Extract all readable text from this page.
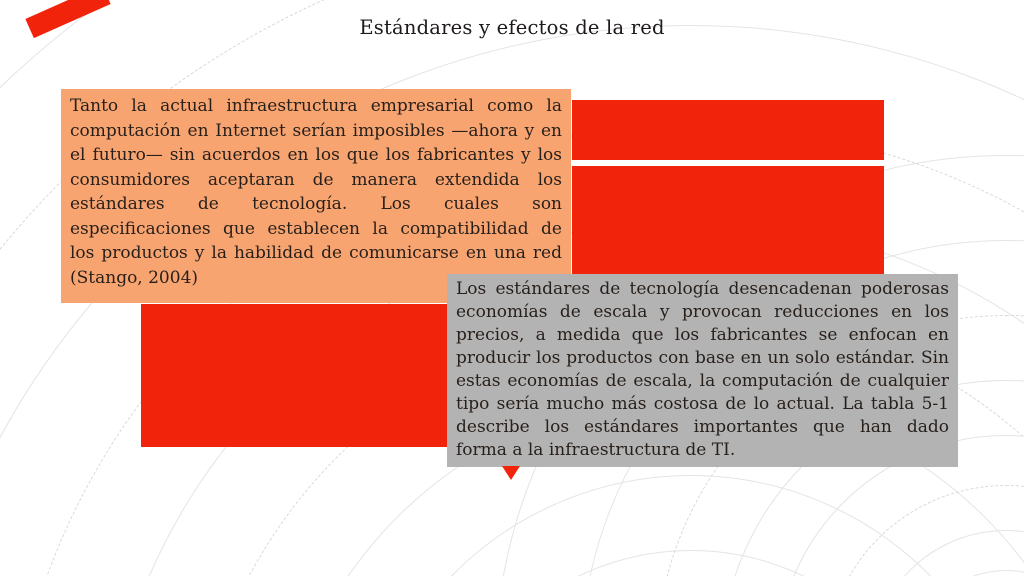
Estándares y efectos de la red
Tanto la actual infraestructura empresarial como la
computación en Internet serían imposibles —ahora y en
el futuro— sin acuerdos en los que los fabricantes y los
consumidores aceptaran de manera extendida los
estándares de tecnología. Los cuales son
especificaciones que establecen la compatibilidad de
los productos y la habilidad de comunicarse en una red
(Stango, 2004)
Los estándares de tecnología desencadenan poderosas
economías de escala y provocan reducciones en los
precios, a medida que los fabricantes se enfocan en
producir los productos con base en un solo estándar. Sin
estas economías de escala, la computación de cualquier
tipo sería mucho más costosa de lo actual. La tabla 5-1
describe los estándares importantes que han dado
forma a la infraestructura de TI.
